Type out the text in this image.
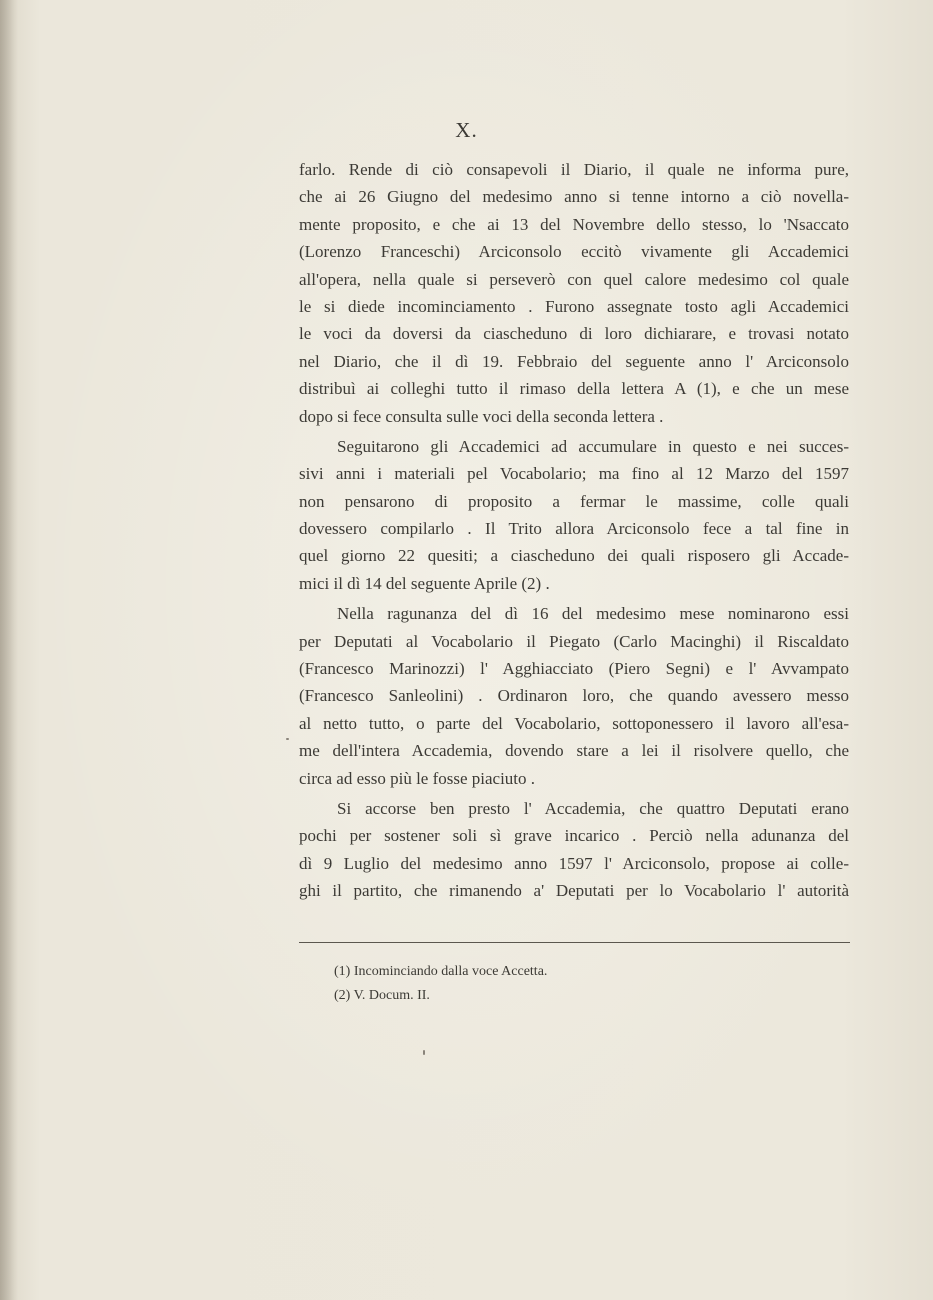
X.
farlo. Rende di ciò consapevoli il Diario, il quale ne informa pure,
che ai 26 Giugno del medesimo anno si tenne intorno a ciò novella-
mente proposito, e che ai 13 del Novembre dello stesso, lo 'Nsaccato
(Lorenzo Franceschi) Arciconsolo eccitò vivamente gli Accademici
all'opera, nella quale si perseverò con quel calore medesimo col quale
le si diede incominciamento . Furono assegnate tosto agli Accademici
le voci da doversi da ciascheduno di loro dichiarare, e trovasi notato
nel Diario, che il dì 19. Febbraio del seguente anno l' Arciconsolo
distribuì ai colleghi tutto il rimaso della lettera A (1), e che un mese
dopo si fece consulta sulle voci della seconda lettera .
Seguitarono gli Accademici ad accumulare in questo e nei succes-
sivi anni i materiali pel Vocabolario; ma fino al 12 Marzo del 1597
non pensarono di proposito a fermar le massime, colle quali
dovessero compilarlo . Il Trito allora Arciconsolo fece a tal fine in
quel giorno 22 quesiti; a ciascheduno dei quali risposero gli Accade-
mici il dì 14 del seguente Aprile (2) .
Nella ragunanza del dì 16 del medesimo mese nominarono essi
per Deputati al Vocabolario il Piegato (Carlo Macinghi) il Riscaldato
(Francesco Marinozzi) l' Agghiacciato (Piero Segni) e l' Avvampato
(Francesco Sanleolini) . Ordinaron loro, che quando avessero messo
al netto tutto, o parte del Vocabolario, sottoponessero il lavoro all'esa-
me dell'intera Accademia, dovendo stare a lei il risolvere quello, che
circa ad esso più le fosse piaciuto .
Si accorse ben presto l' Accademia, che quattro Deputati erano
pochi per sostener soli sì grave incarico . Perciò nella adunanza del
dì 9 Luglio del medesimo anno 1597 l' Arciconsolo, propose ai colle-
ghi il partito, che rimanendo a' Deputati per lo Vocabolario l' autorità
(1) Incominciando dalla voce Accetta.
(2) V. Docum. II.
